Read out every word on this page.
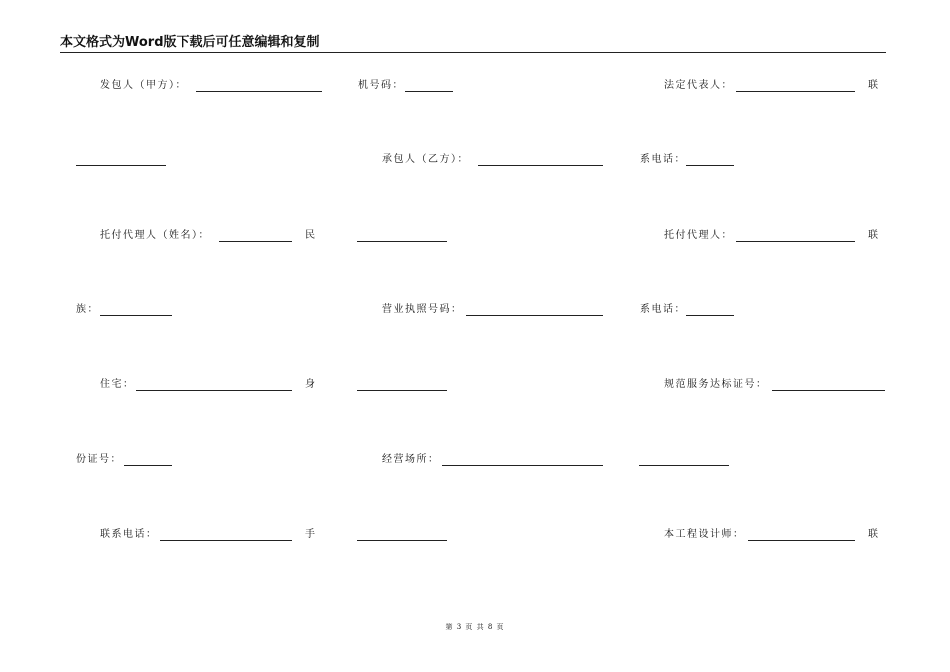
本文格式为Word版下载后可任意编辑和复制
发包人（甲方）：	机号码：	法定代表人：	联
承包人（乙方）：	系电话：
托付代理人（姓名）：	民	托付代理人：	联
族：	营业执照号码：	系电话：
住宅：	身	规范服务达标证号：
份证号：	经营场所：
联系电话：	手	本工程设计师：	联
第 3 页 共 8 页
